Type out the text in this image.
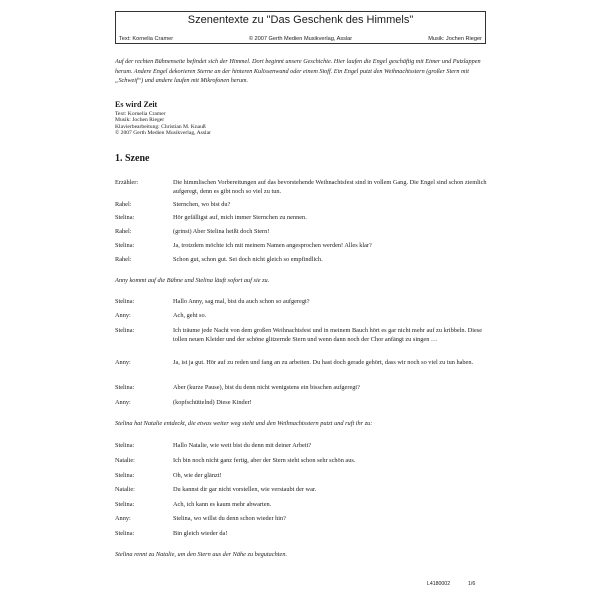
Szenentexte zu "Das Geschenk des Himmels"
Text: Kornelia Cramer	© 2007 Gerth Medien Musikverlag, Asslar	Musik: Jochen Rieger
Auf der rechten Bühnenseite befindet sich der Himmel. Dort beginnt unsere Geschichte. Hier laufen die Engel geschäftig mit Eimer und Putzlappen herum. Andere Engel dekorieren Sterne an der hinteren Kulissenwand oder einem Stoff. Ein Engel putzt den Weihnachtsstern (großer Stern mit „Schweif“) und andere laufen mit Mikrofonen herum.
Es wird Zeit
Text: Kornelia Cramer
Musik: Jochen Rieger
Klavierbearbeitung: Christian M. Knauß
© 2007 Gerth Medien Musikverlag, Asslar
1. Szene
Erzähler:	Die himmlischen Vorbereitungen auf das bevorstehende Weihnachtsfest sind in vollem Gang. Die Engel sind schon ziemlich aufgeregt, denn es gibt noch so viel zu tun.
Rahel:	Sternchen, wo bist du?
Stelina:	Hör gefälligst auf, mich immer Sternchen zu nennen.
Rahel:	(grinst) Aber Stelina heißt doch Stern!
Stelina:	Ja, trotzdem möchte ich mit meinem Namen angesprochen werden! Alles klar?
Rahel:	Schon gut, schon gut. Sei doch nicht gleich so empfindlich.
Anny kommt auf die Bühne und Stelina läuft sofort auf sie zu.
Stelina:	Hallo Anny, sag mal, bist du auch schon so aufgeregt?
Anny:	Ach, geht so.
Stelina:	Ich träume jede Nacht von dem großen Weihnachtsfest und in meinem Bauch hört es gar nicht mehr auf zu kribbeln. Diese tollen neuen Kleider und der schöne glitzernde Stern und wenn dann noch der Chor anfängt zu singen …
Anny:	Ja, ist ja gut. Hör auf zu reden und fang an zu arbeiten. Du hast doch gerade gehört, dass wir noch so viel zu tun haben.
Stelina:	Aber (kurze Pause), bist du denn nicht wenigstens ein bisschen aufgeregt?
Anny:	(kopfschüttelnd) Diese Kinder!
Stelina hat Natalie entdeckt, die etwas weiter weg steht und den Weihnachtsstern putzt und ruft ihr zu:
Stelina:	Hallo Natalie, wie weit bist du denn mit deiner Arbeit?
Natalie:	Ich bin noch nicht ganz fertig, aber der Stern sieht schon sehr schön aus.
Stelina:	Oh, wie der glänzt!
Natalie:	Du kannst dir gar nicht vorstellen, wie verstaubt der war.
Stelina:	Ach, ich kann es kaum mehr abwarten.
Anny:	Stelina, wo willst du denn schon wieder hin?
Stelina:	Bin gleich wieder da!
Stelina rennt zu Natalie, um den Stern aus der Nähe zu begutachten.
L4180002	1/6
